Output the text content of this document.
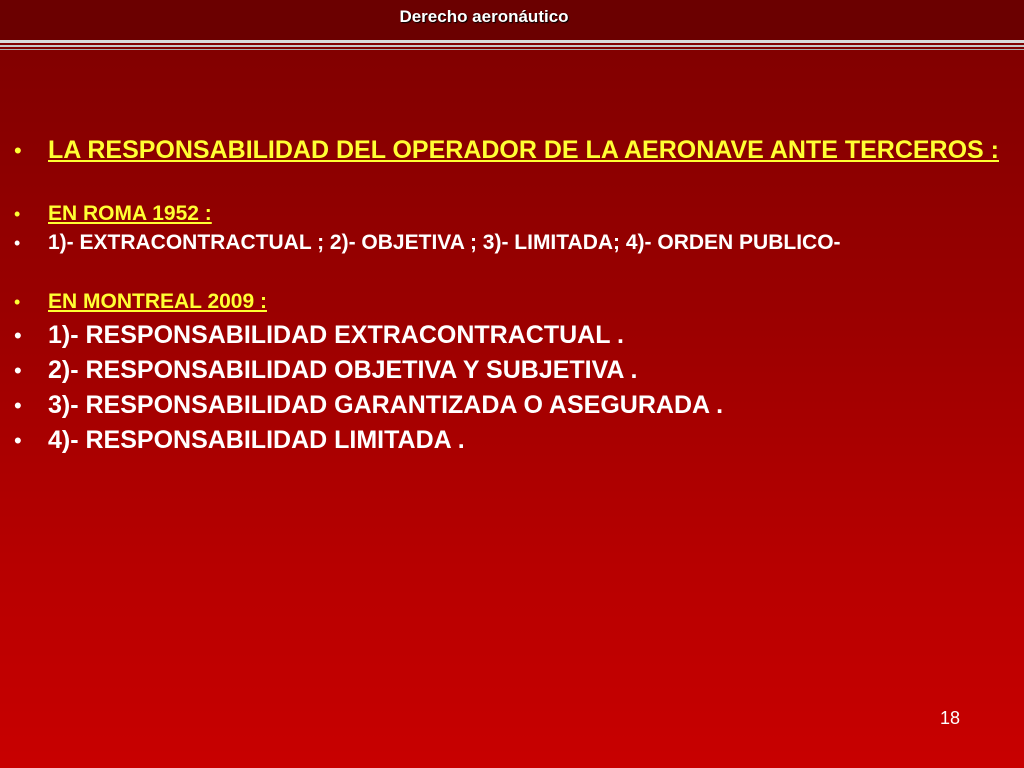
Derecho aeronáutico
• LA RESPONSABILIDAD DEL OPERADOR DE LA AERONAVE ANTE TERCEROS :
• EN ROMA 1952 :
• 1)- EXTRACONTRACTUAL ; 2)- OBJETIVA ; 3)- LIMITADA; 4)- ORDEN PUBLICO-
• EN MONTREAL 2009 :
• 1)- RESPONSABILIDAD EXTRACONTRACTUAL .
• 2)- RESPONSABILIDAD OBJETIVA Y SUBJETIVA .
• 3)- RESPONSABILIDAD GARANTIZADA O ASEGURADA .
• 4)- RESPONSABILIDAD LIMITADA .
18
